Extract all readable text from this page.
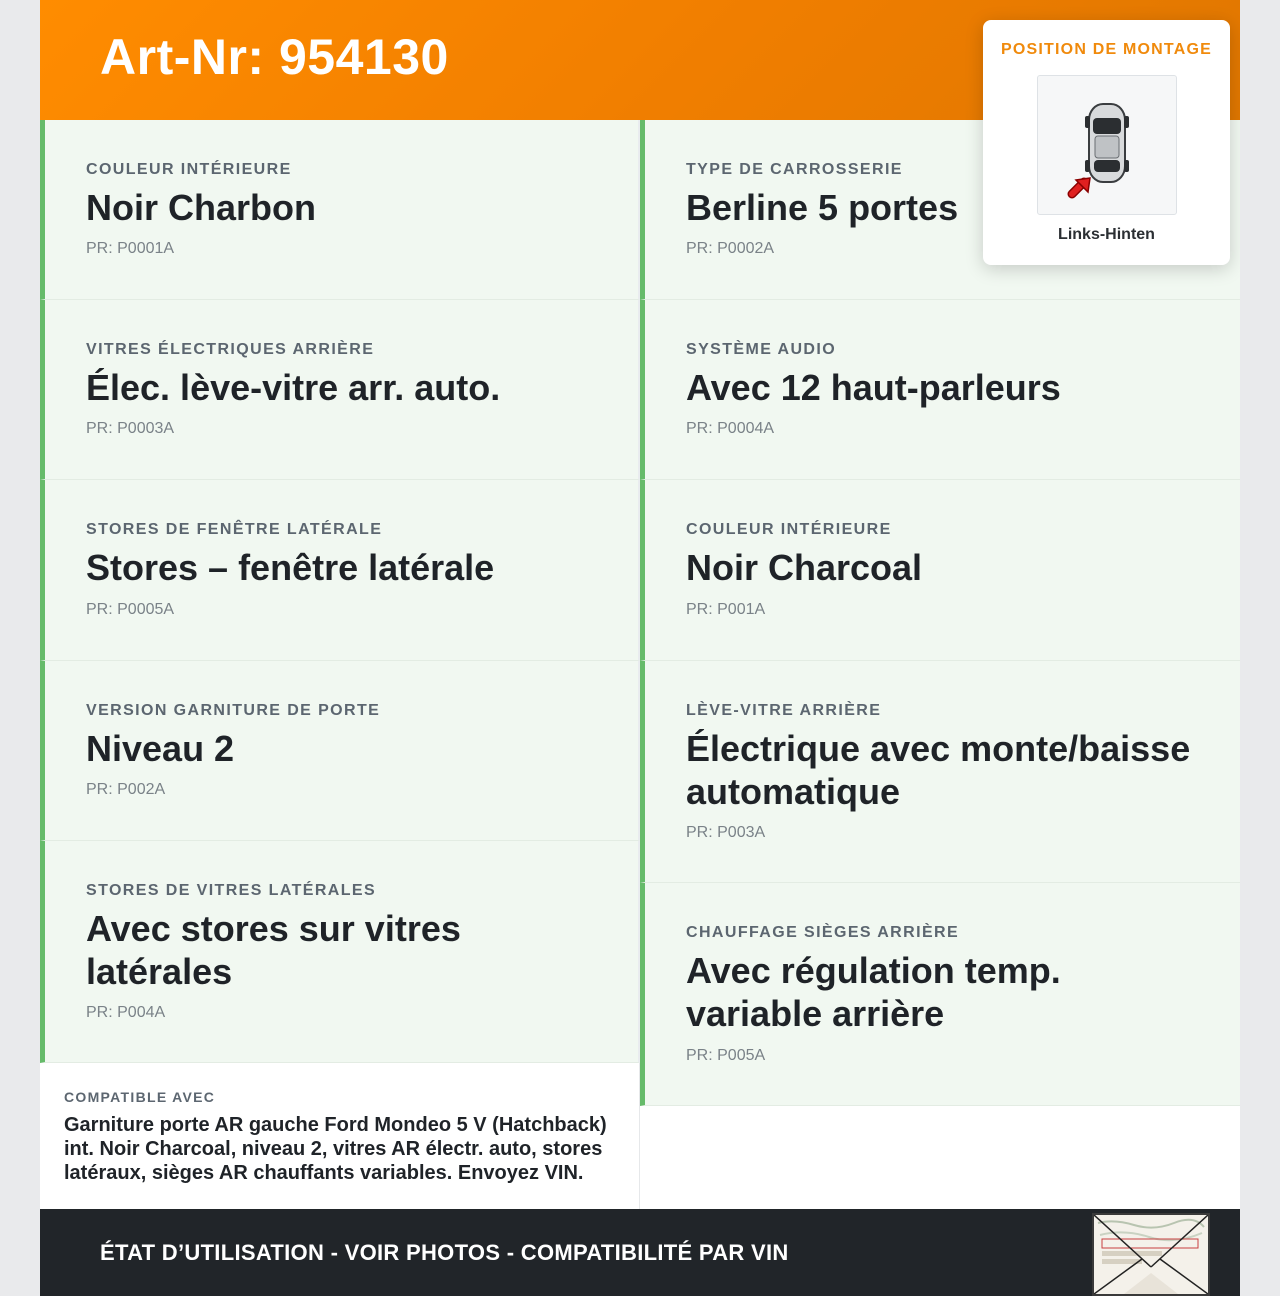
Art-Nr: 954130
COULEUR INTÉRIEURE
Noir Charbon
PR: P0001A
VITRES ÉLECTRIQUES ARRIÈRE
Élec. lève-vitre arr. auto.
PR: P0003A
STORES DE FENÊTRE LATÉRALE
Stores – fenêtre latérale
PR: P0005A
VERSION GARNITURE DE PORTE
Niveau 2
PR: P002A
STORES DE VITRES LATÉRALES
Avec stores sur vitres latérales
PR: P004A
TYPE DE CARROSSERIE
Berline 5 portes
PR: P0002A
SYSTÈME AUDIO
Avec 12 haut-parleurs
PR: P0004A
COULEUR INTÉRIEURE
Noir Charcoal
PR: P001A
LÈVE-VITRE ARRIÈRE
Électrique avec monte/baisse automatique
PR: P003A
CHAUFFAGE SIÈGES ARRIÈRE
Avec régulation temp. variable arrière
PR: P005A
COMPATIBLE AVEC
Garniture porte AR gauche Ford Mondeo 5 V (Hatchback) int. Noir Charcoal, niveau 2, vitres AR électr. auto, stores latéraux, sièges AR chauffants variables. Envoyez VIN.
ÉTAT D’UTILISATION - VOIR PHOTOS - COMPATIBILITÉ PAR VIN
POSITION DE MONTAGE
Links-Hinten
